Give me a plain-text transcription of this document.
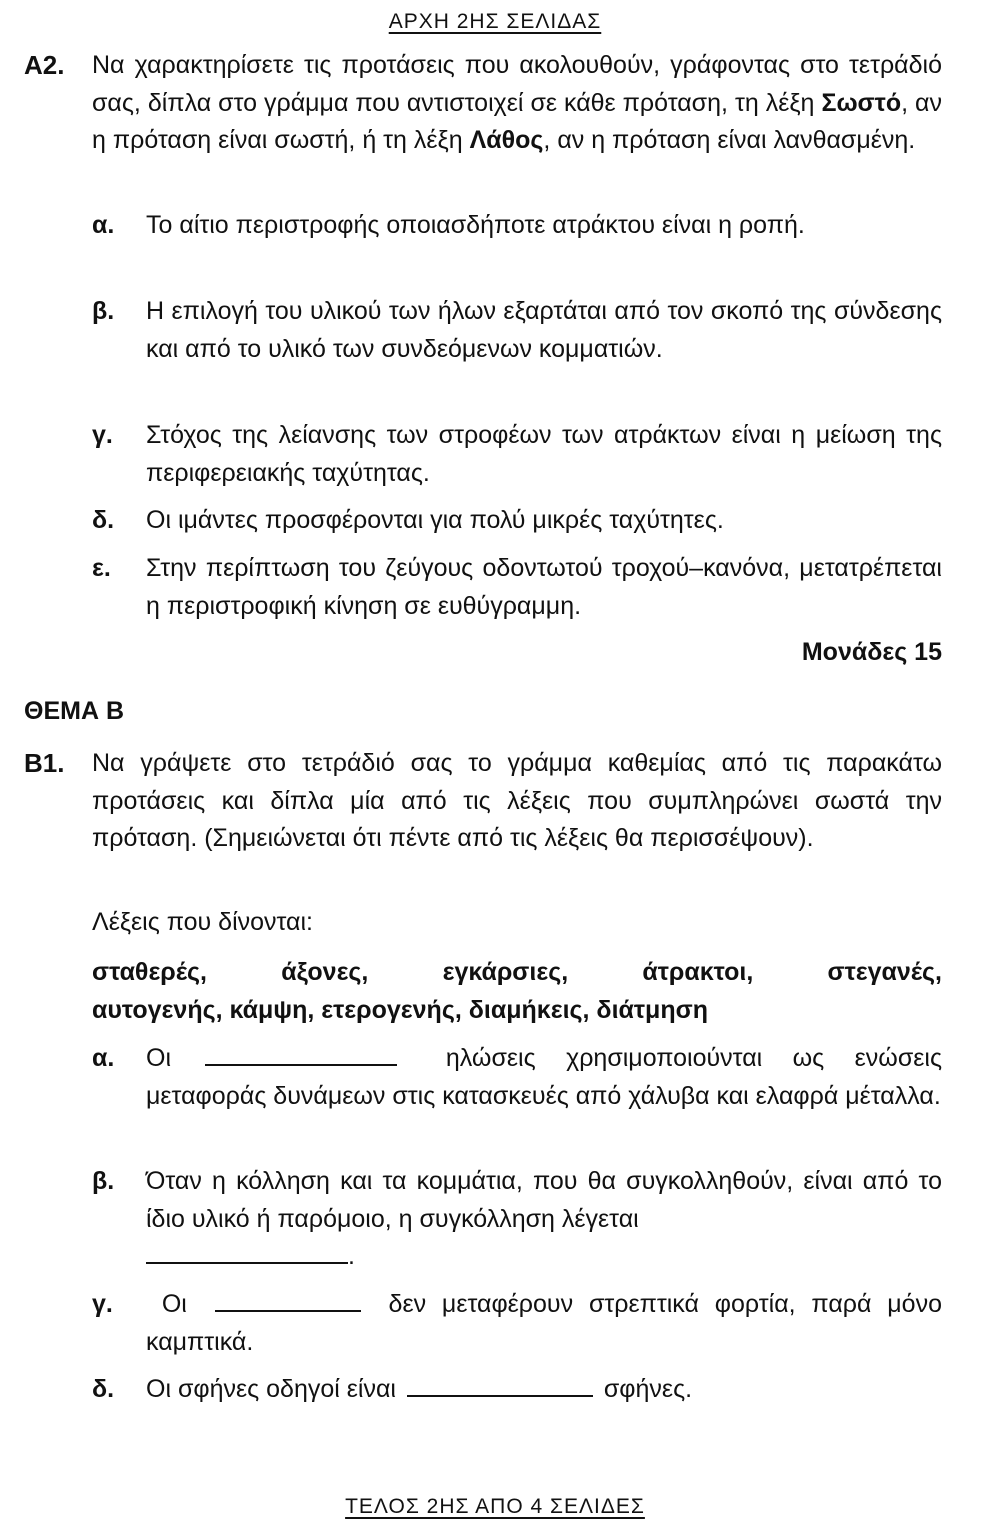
ΑΡΧΗ 2ΗΣ ΣΕΛΙΔΑΣ
Α2. Να χαρακτηρίσετε τις προτάσεις που ακολουθούν, γράφοντας στο τετράδιό σας, δίπλα στο γράμμα που αντιστοιχεί σε κάθε πρόταση, τη λέξη Σωστό, αν η πρόταση είναι σωστή, ή τη λέξη Λάθος, αν η πρόταση είναι λανθασμένη.
α. Το αίτιο περιστροφής οποιασδήποτε ατράκτου είναι η ροπή.
β. Η επιλογή του υλικού των ήλων εξαρτάται από τον σκοπό της σύνδεσης και από το υλικό των συνδεόμενων κομματιών.
γ. Στόχος της λείανσης των στροφέων των ατράκτων είναι η μείωση της περιφερειακής ταχύτητας.
δ. Οι ιμάντες προσφέρονται για πολύ μικρές ταχύτητες.
ε. Στην περίπτωση του ζεύγους οδοντωτού τροχού–κανόνα, μετατρέπεται η περιστροφική κίνηση σε ευθύγραμμη.
Μονάδες 15
ΘΕΜΑ Β
Β1. Να γράψετε στο τετράδιό σας το γράμμα καθεμίας από τις παρακάτω προτάσεις και δίπλα μία από τις λέξεις που συμπληρώνει σωστά την πρόταση. (Σημειώνεται ότι πέντε από τις λέξεις θα περισσέψουν).
Λέξεις που δίνονται:
σταθερές, άξονες, εγκάρσιες, άτρακτοι, στεγανές,
αυτογενής, κάμψη, ετερογενής, διαμήκεις, διάτμηση
α. Οι	ηλώσεις χρησιμοποιούνται ως ενώσεις μεταφοράς δυνάμεων στις κατασκευές από χάλυβα και ελαφρά μέταλλα.
β. Όταν η κόλληση και τα κομμάτια, που θα συγκολληθούν, είναι από το ίδιο υλικό ή παρόμοιο, η συγκόλληση λέγεται
.
γ.	Οι	δεν μεταφέρουν στρεπτικά φορτία, παρά μόνο καμπτικά.
δ. Οι σφήνες οδηγοί είναι	σφήνες.
ΤΕΛΟΣ 2ΗΣ ΑΠΟ 4 ΣΕΛΙΔΕΣ
